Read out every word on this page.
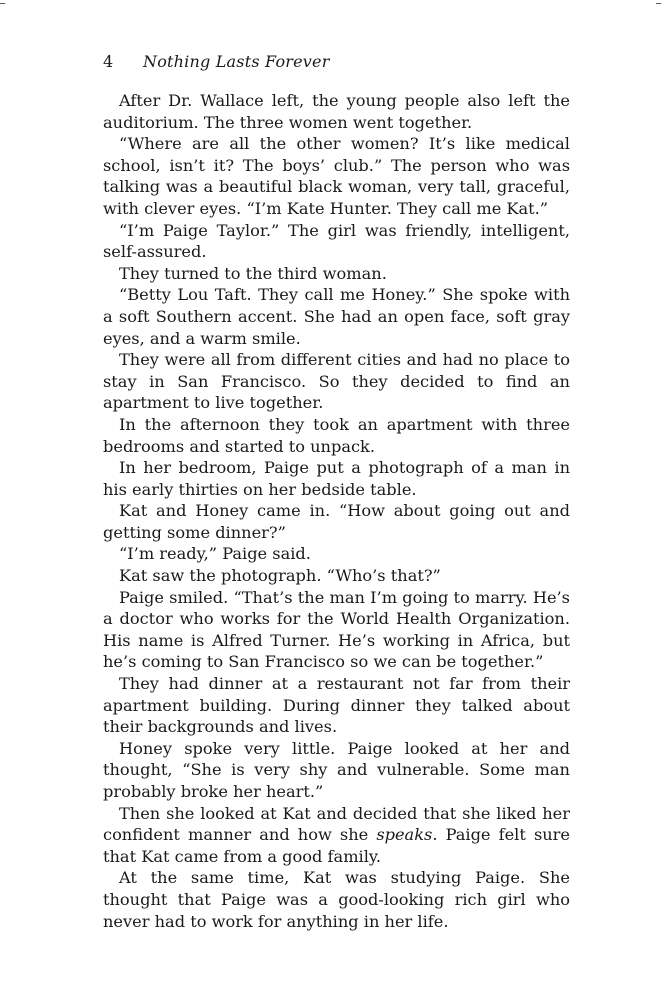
4 Nothing Lasts Forever

After Dr. Wallace left, the young people also left the auditorium. The three women went together.

“Where are all the other women? It’s like medical school, isn’t it? The boys’ club.” The person who was talking was a beautiful black woman, very tall, graceful, with clever eyes. “I’m Kate Hunter. They call me Kat.”

“I’m Paige Taylor.” The girl was friendly, intelligent, self-assured.

They turned to the third woman.

“Betty Lou Taft. They call me Honey.” She spoke with a soft Southern accent. She had an open face, soft gray eyes, and a warm smile.

They were all from different cities and had no place to stay in San Francisco. So they decided to find an apartment to live together.

In the afternoon they took an apartment with three bedrooms and started to unpack.

In her bedroom, Paige put a photograph of a man in his early thirties on her bedside table.

Kat and Honey came in. “How about going out and getting some dinner?”

“I’m ready,” Paige said.

Kat saw the photograph. “Who’s that?”

Paige smiled. “That’s the man I’m going to marry. He’s a doctor who works for the World Health Organization. His name is Alfred Turner. He’s working in Africa, but he’s coming to San Francisco so we can be together.”

They had dinner at a restaurant not far from their apartment building. During dinner they talked about their backgrounds and lives.

Honey spoke very little. Paige looked at her and thought, “She is very shy and vulnerable. Some man probably broke her heart.”

Then she looked at Kat and decided that she liked her confident manner and how she speaks. Paige felt sure that Kat came from a good family.

At the same time, Kat was studying Paige. She thought that Paige was a good-looking rich girl who never had to work for anything in her life.
